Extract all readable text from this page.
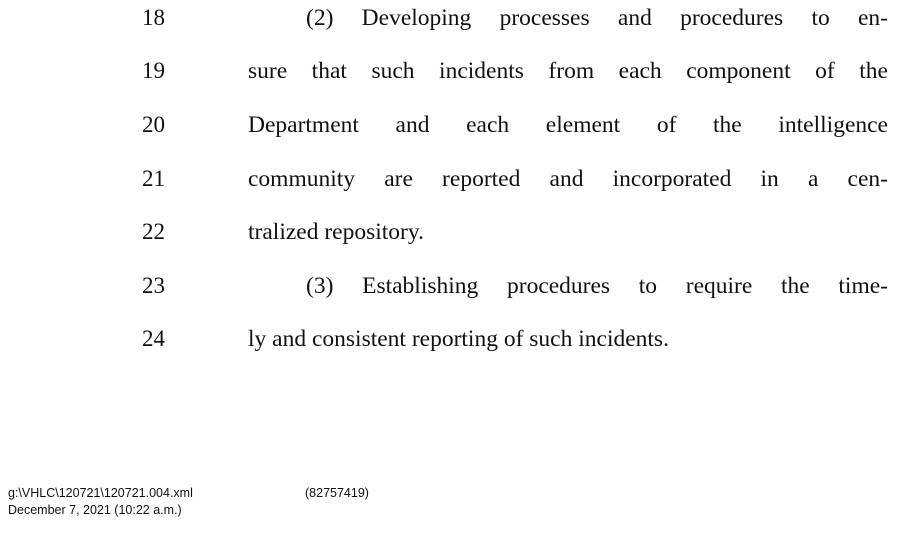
18	(2) Developing processes and procedures to en-
19	sure that such incidents from each component of the
20	Department and each element of the intelligence
21	community are reported and incorporated in a cen-
22	tralized repository.
23	(3) Establishing procedures to require the time-
24	ly and consistent reporting of such incidents.
g:\VHLC\120721\120721.004.xml	(82757419)
December 7, 2021 (10:22 a.m.)
